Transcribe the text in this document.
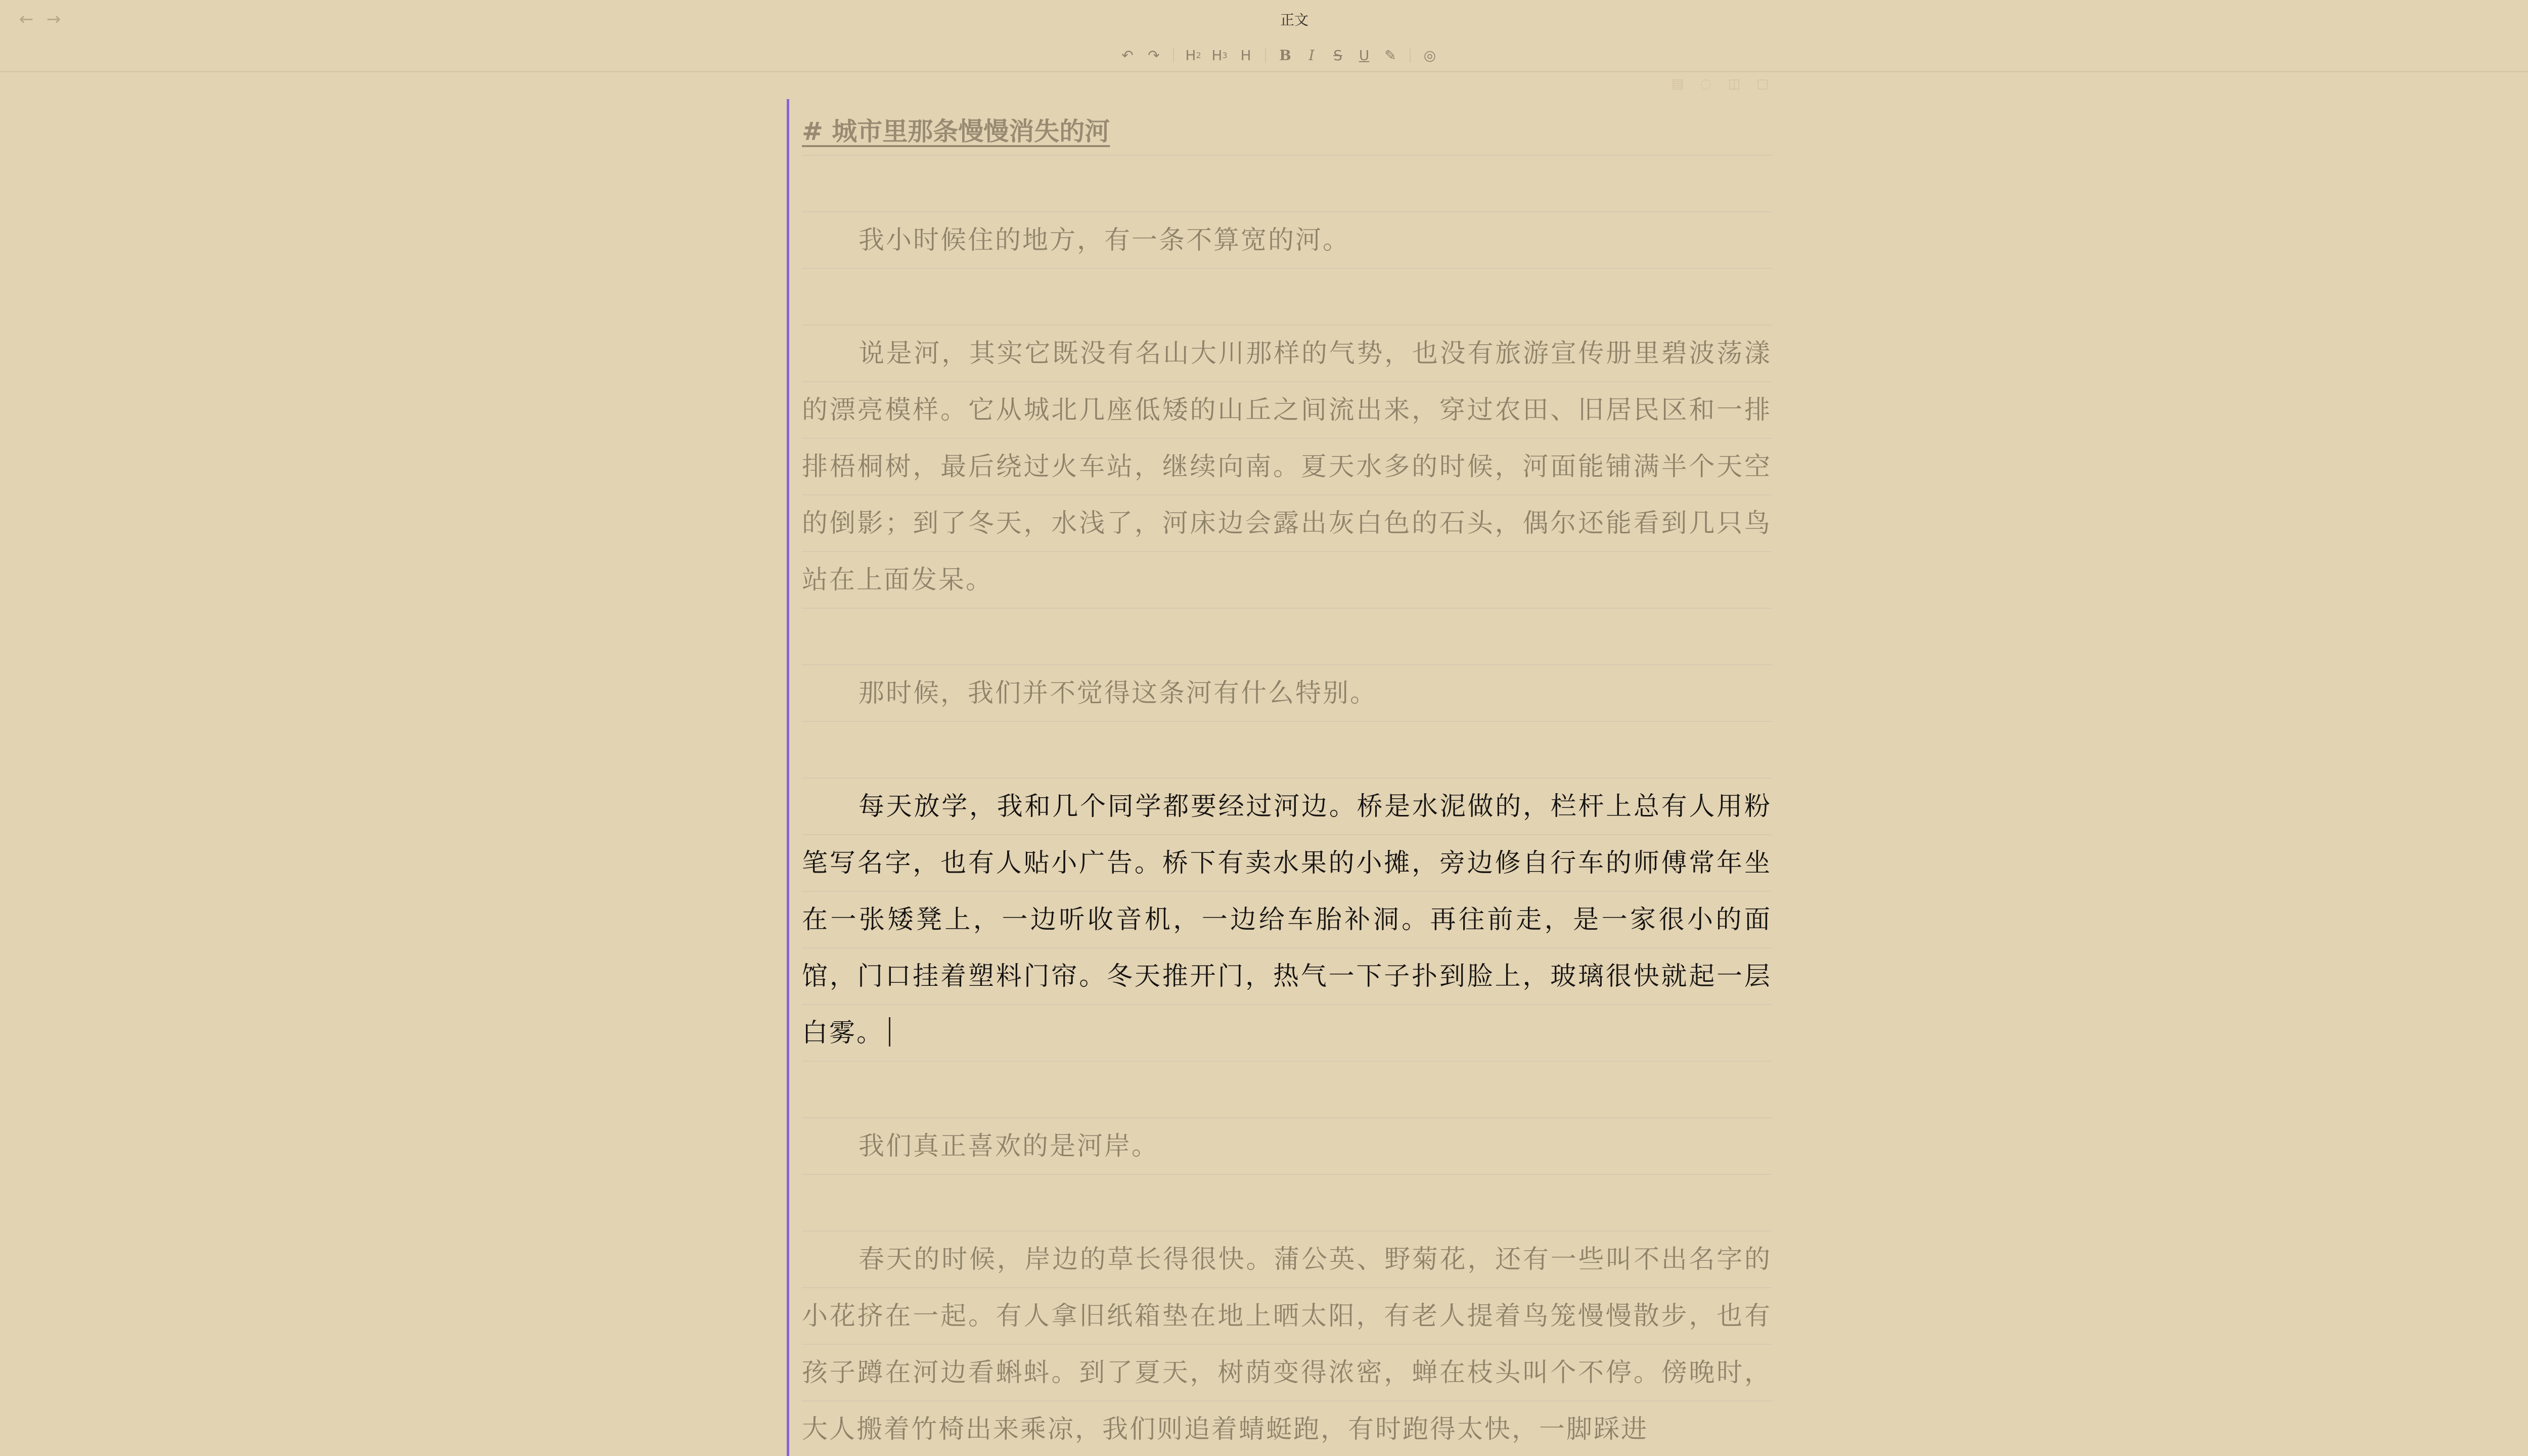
← →	正文
↶	↷	H 2 H 3 H	B	I	S	U	✎	◎
▤	◌	◫	▢
# 城市里那条慢慢消失的河
我小时候住的地方，有一条不算宽的河。
说是河，其实它既没有名山大川那样的气势，也没有旅游宣传册里碧波荡漾的漂亮模样。它从城北几座低矮的山丘之间流出来，穿过农田、旧居民区和一排排梧桐树，最后绕过火车站，继续向南。夏天水多的时候，河面能铺满半个天空的倒影；到了冬天，水浅了，河床边会露出灰白色的石头，偶尔还能看到几只鸟站在上面发呆。
那时候，我们并不觉得这条河有什么特别。
每天放学，我和几个同学都要经过河边。桥是水泥做的，栏杆上总有人用粉笔写名字，也有人贴小广告。桥下有卖水果的小摊，旁边修自行车的师傅常年坐在一张矮凳上，一边听收音机，一边给车胎补洞。再往前走，是一家很小的面馆，门口挂着塑料门帘。冬天推开门，热气一下子扑到脸上，玻璃很快就起一层白雾。
我们真正喜欢的是河岸。
春天的时候，岸边的草长得很快。蒲公英、野菊花，还有一些叫不出名字的小花挤在一起。有人拿旧纸箱垫在地上晒太阳，有老人提着鸟笼慢慢散步，也有孩子蹲在河边看蝌蚪。到了夏天，树荫变得浓密，蝉在枝头叫个不停。傍晚时，大人搬着竹椅出来乘凉，我们则追着蜻蜓跑，有时跑得太快，一脚踩进
